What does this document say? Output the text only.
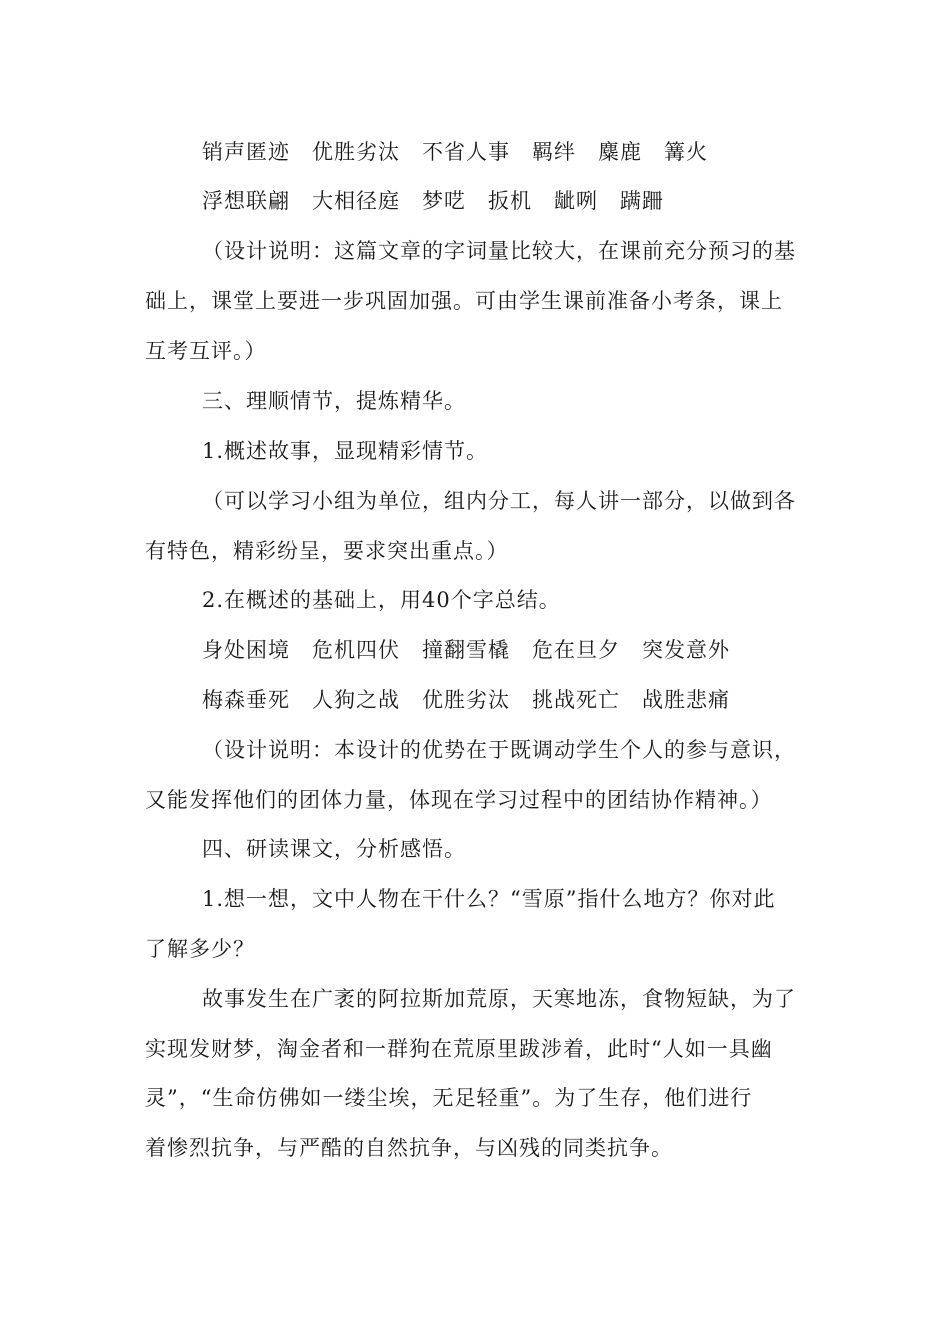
销声匿迹　优胜劣汰　不省人事　羁绊　麋鹿　篝火
浮想联翩　大相径庭　梦呓　扳机　龇咧　蹒跚
（设计说明：这篇文章的字词量比较大，在课前充分预习的基
础上，课堂上要进一步巩固加强。可由学生课前准备小考条，课上
互考互评。）
三、理顺情节，提炼精华。
1.概述故事，显现精彩情节。
（可以学习小组为单位，组内分工，每人讲一部分，以做到各
有特色，精彩纷呈，要求突出重点。）
2.在概述的基础上，用40个字总结。
身处困境　危机四伏　撞翻雪橇　危在旦夕　突发意外
梅森垂死　人狗之战　优胜劣汰　挑战死亡　战胜悲痛
（设计说明：本设计的优势在于既调动学生个人的参与意识，
又能发挥他们的团体力量，体现在学习过程中的团结协作精神。）
四、研读课文，分析感悟。
1.想一想，文中人物在干什么？“雪原”指什么地方？你对此
了解多少？
故事发生在广袤的阿拉斯加荒原，天寒地冻，食物短缺，为了
实现发财梦，淘金者和一群狗在荒原里跋涉着，此时“人如一具幽
灵”，“生命仿佛如一缕尘埃，无足轻重”。为了生存，他们进行
着惨烈抗争，与严酷的自然抗争，与凶残的同类抗争。
